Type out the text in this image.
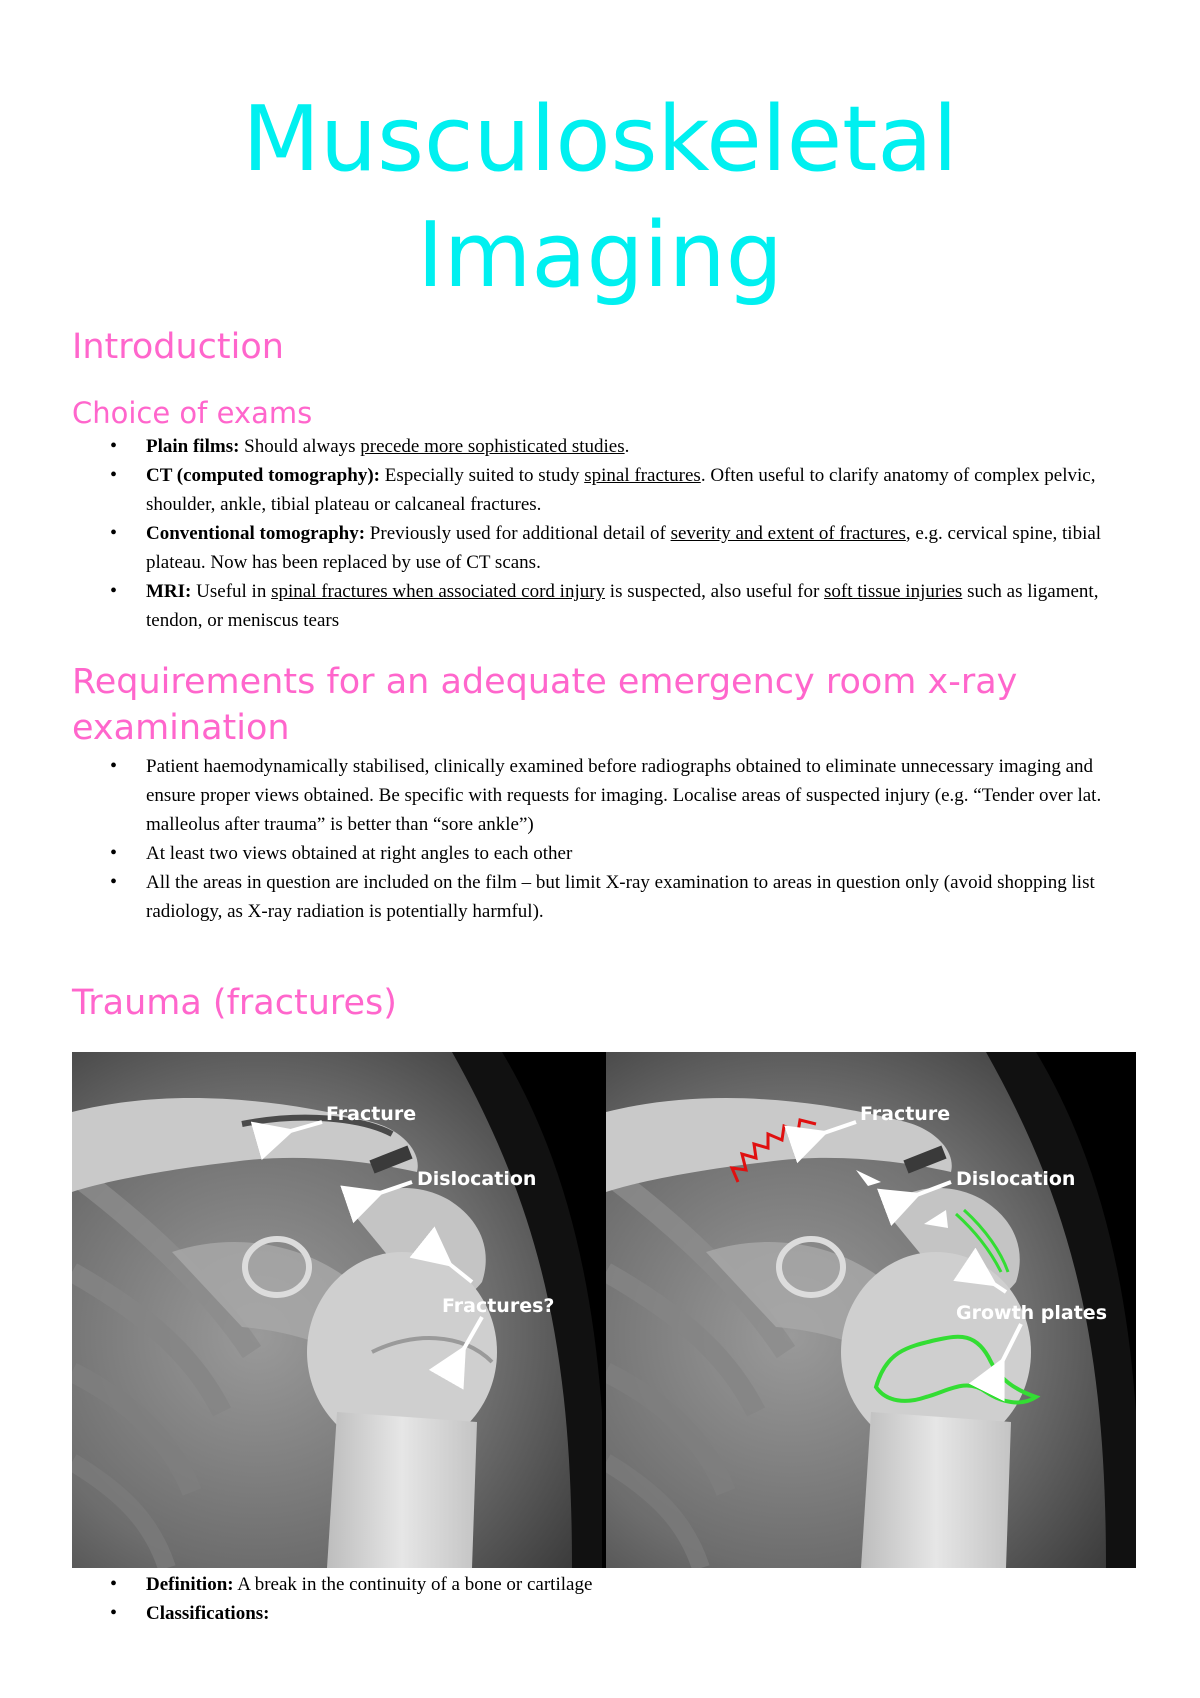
Musculoskeletal
Imaging
Introduction
Choice of exams
• Plain films: Should always precede more sophisticated studies.
• CT (computed tomography): Especially suited to study spinal fractures. Often useful to clarify anatomy of complex pelvic, shoulder, ankle, tibial plateau or calcaneal fractures.
• Conventional tomography: Previously used for additional detail of severity and extent of fractures, e.g. cervical spine, tibial plateau. Now has been replaced by use of CT scans.
• MRI: Useful in spinal fractures when associated cord injury is suspected, also useful for soft tissue injuries such as ligament, tendon, or meniscus tears
Requirements for an adequate emergency room x-ray
examination
• Patient haemodynamically stabilised, clinically examined before radiographs obtained to eliminate unnecessary imaging and ensure proper views obtained. Be specific with requests for imaging. Localise areas of suspected injury (e.g. “Tender over lat. malleolus after trauma” is better than “sore ankle”)
• At least two views obtained at right angles to each other
• All the areas in question are included on the film – but limit X-ray examination to areas in question only (avoid shopping list radiology, as X-ray radiation is potentially harmful).
Trauma (fractures)
Fracture
Dislocation
Fractures?
Fracture
Dislocation
Growth plates
• Definition: A break in the continuity of a bone or cartilage
• Classifications:
